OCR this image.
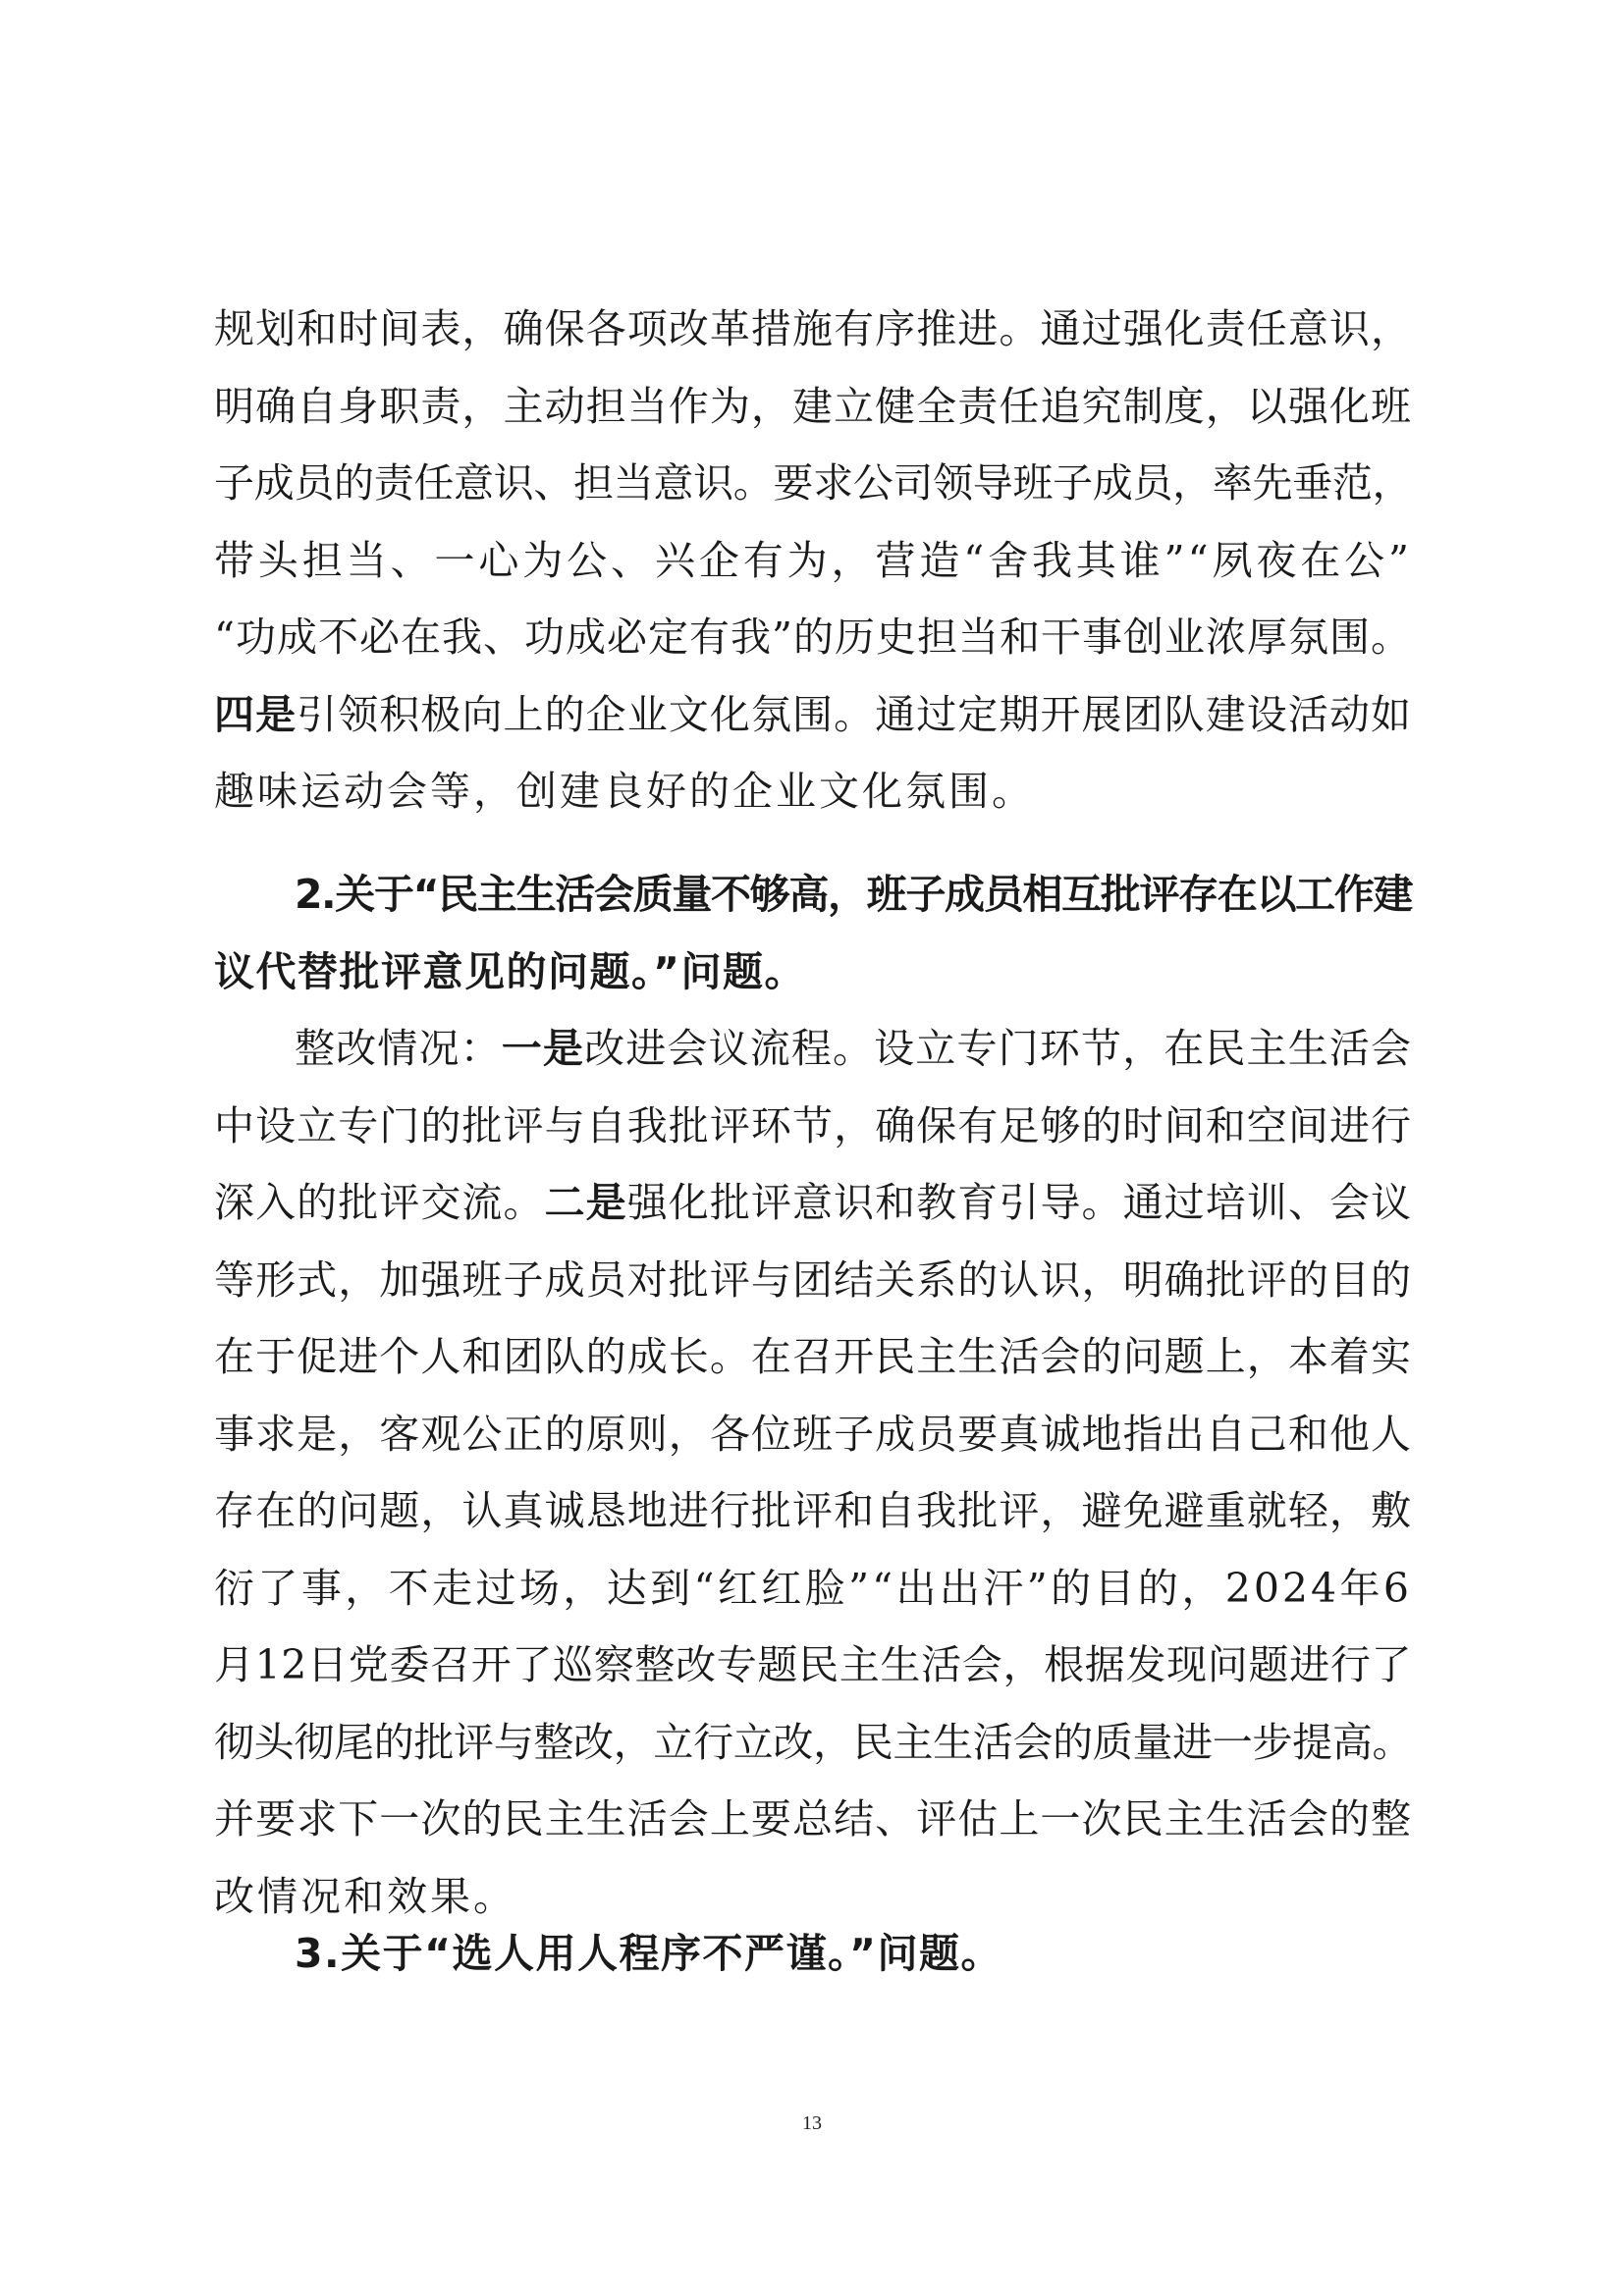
规划和时间表，确保各项改革措施有序推进。通过强化责任意识，
明确自身职责，主动担当作为，建立健全责任追究制度，以强化班
子成员的责任意识、担当意识。要求公司领导班子成员，率先垂范，
带头担当、一心为公、兴企有为，营造“舍我其谁”“夙夜在公”
“功成不必在我、功成必定有我”的历史担当和干事创业浓厚氛围。
四是引领积极向上的企业文化氛围。通过定期开展团队建设活动如
趣味运动会等，创建良好的企业文化氛围。
2.关于“民主生活会质量不够高，班子成员相互批评存在以工作建
议代替批评意见的问题。”问题。
整改情况：一是改进会议流程。设立专门环节，在民主生活会
中设立专门的批评与自我批评环节，确保有足够的时间和空间进行
深入的批评交流。二是强化批评意识和教育引导。通过培训、会议
等形式，加强班子成员对批评与团结关系的认识，明确批评的目的
在于促进个人和团队的成长。在召开民主生活会的问题上，本着实
事求是，客观公正的原则，各位班子成员要真诚地指出自己和他人
存在的问题，认真诚恳地进行批评和自我批评，避免避重就轻，敷
衍了事，不走过场，达到“红红脸”“出出汗”的目的，2024年6
月12日党委召开了巡察整改专题民主生活会，根据发现问题进行了
彻头彻尾的批评与整改，立行立改，民主生活会的质量进一步提高。
并要求下一次的民主生活会上要总结、评估上一次民主生活会的整
改情况和效果。
3.关于“选人用人程序不严谨。”问题。
13
